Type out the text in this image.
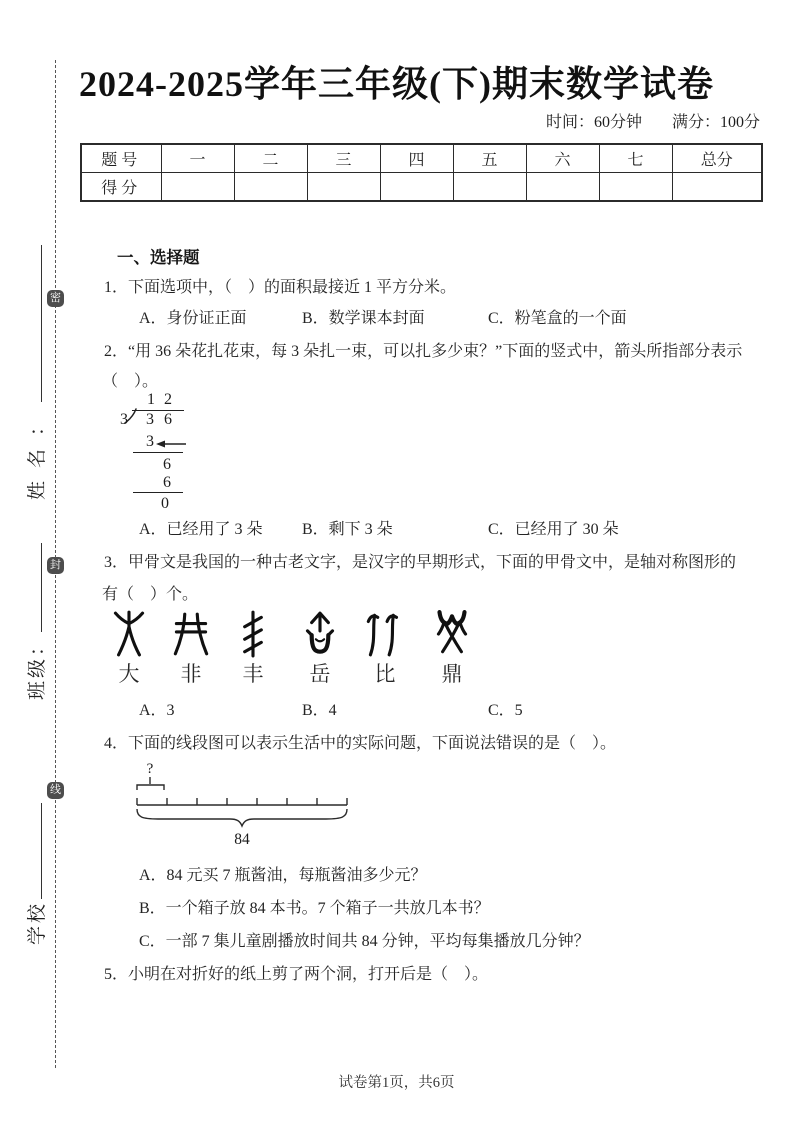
密
封
线
姓名：
班级：
学校
2024-2025学年三年级(下)期末数学试卷
时间：60分钟 满分：100分
题号	一	二	三	四	五	六	七	总分
得分								
一、选择题
1．下面选项中，（　）的面积最接近 1 平方分米。
A．身份证正面	B．数学课本封面	C．粉笔盒的一个面
2．“用 36 朵花扎花束，每 3 朵扎一束，可以扎多少束？”下面的竖式中，箭头所指部分表示
（　）。
1 2
3 3 6
3
6
6
0
A．已经用了 3 朵 B．剩下 3 朵	C．已经用了 30 朵
3．甲骨文是我国的一种古老文字，是汉字的早期形式，下面的甲骨文中，是轴对称图形的
有（　）个。
大	非	丰	岳	比	鼎
A．3	B．4	C．5
4．下面的线段图可以表示生活中的实际问题，下面说法错误的是（　）。
?
84
A．84 元买 7 瓶酱油，每瓶酱油多少元？
B．一个箱子放 84 本书。7 个箱子一共放几本书？
C．一部 7 集儿童剧播放时间共 84 分钟，平均每集播放几分钟？
5．小明在对折好的纸上剪了两个洞，打开后是（　）。
试卷第1页，共6页
